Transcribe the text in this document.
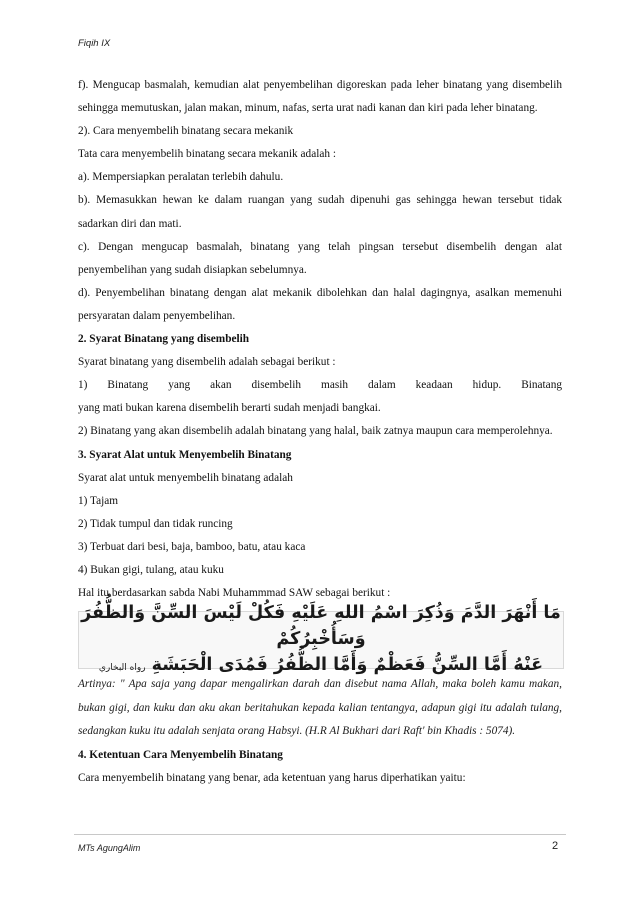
Fiqih IX

f). Mengucap basmalah, kemudian alat penyembelihan digoreskan pada leher binatang yang disembelih sehingga memutuskan, jalan makan, minum, nafas, serta urat nadi kanan dan kiri pada leher binatang.

2). Cara menyembelih binatang secara mekanik

Tata cara menyembelih binatang secara mekanik adalah :

a). Mempersiapkan peralatan terlebih dahulu.

b). Memasukkan hewan ke dalam ruangan yang sudah dipenuhi gas sehingga hewan tersebut tidak sadarkan diri dan mati.

c). Dengan mengucap basmalah, binatang yang telah pingsan tersebut disembelih dengan alat penyembelihan yang sudah disiapkan sebelumnya.

d). Penyembelihan binatang dengan alat mekanik dibolehkan dan halal dagingnya, asalkan memenuhi persyaratan dalam penyembelihan.

2. Syarat Binatang yang disembelih

Syarat binatang yang disembelih adalah sebagai berikut :

1) Binatang yang akan disembelih masih dalam keadaan hidup. Binatang

yang mati bukan karena disembelih berarti sudah menjadi bangkai.

2) Binatang yang akan disembelih adalah binatang yang halal, baik zatnya maupun cara memperolehnya.

3. Syarat Alat untuk Menyembelih Binatang

Syarat alat untuk menyembelih binatang adalah

1) Tajam

2) Tidak tumpul dan tidak runcing

3) Terbuat dari besi, baja, bamboo, batu, atau kaca

4) Bukan gigi, tulang, atau kuku

Hal itu berdasarkan sabda Nabi Muhammmad SAW sebagai berikut :

مَا أَنْهَرَ الدَّمَ وَذُكِرَ اسْمُ اللهِ عَلَيْهِ فَكُلْ لَيْسَ السِّنَّ وَالظُّفُرَ وَسَأُخْبِرُكُمْ
عَنْهُ أَمَّا السِّنُّ فَعَظْمٌ وَأَمَّا الظُّفُرُ فَمُدَى الْحَبَشَةِ رواه البخاري

Artinya: " Apa saja yang dapar mengalirkan darah dan disebut nama Allah, maka boleh kamu makan, bukan gigi, dan kuku dan aku akan beritahukan kepada kalian tentangya, adapun gigi itu adalah tulang, sedangkan kuku itu adalah senjata orang Habsyi. (H.R Al Bukhari dari Raft' bin Khadis : 5074).

4. Ketentuan Cara Menyembelih Binatang

Cara menyembelih binatang yang benar, ada ketentuan yang harus diperhatikan yaitu:

MTs AgungAlim	2
